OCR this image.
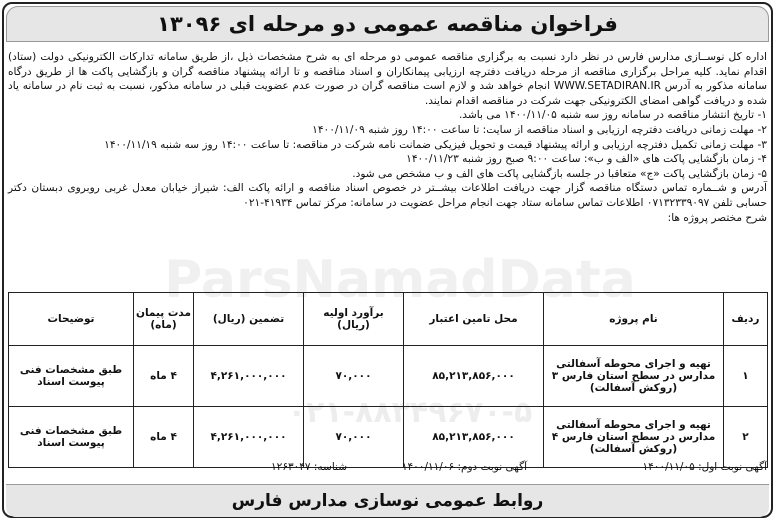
فراخوان مناقصه عمومی دو مرحله ای ۱۳۰۹۶
ParsNamadData
۰۲۱-۸۸۳۴۹۶۷۰-۵

اداره کل نوســازی مدارس فارس در نظر دارد نسبت به برگزاری مناقصه عمومی دو مرحله ای به شرح مشخصات ذیل ،از طریق سامانه تدارکات الکترونیکی دولت (ستاد) اقدام نماید. کلیه مراحل برگزاری مناقصه از مرحله دریافت دفترچه ارزیابی پیمانکاران و اسناد مناقصه و تا ارائه پیشنهاد مناقصه گران و بازگشایی پاکت ها از طریق درگاه سامانه مذکور به آدرس WWW.SETADIRAN.IR انجام خواهد شد و لازم است مناقصه گران در صورت عدم عضویت قبلی در سامانه مذکور، نسبت به ثبت نام در سامانه یاد شده و دریافت گواهی امضای الکترونیکی جهت شرکت در مناقصه اقدام نمایند.

۱- تاریخ انتشار مناقصه در سامانه روز سه شنبه ۱۴۰۰/۱۱/۰۵ می باشد.

۲- مهلت زمانی دریافت دفترچه ارزیابی و اسناد مناقصه از سایت: تا ساعت ۱۴:۰۰ روز شنبه ۱۴۰۰/۱۱/۰۹

۳- مهلت زمانی تکمیل دفترچه ارزیابی و ارائه پیشنهاد قیمت و تحویل فیزیکی ضمانت نامه شرکت در مناقصه: تا ساعت ۱۴:۰۰ روز سه شنبه ۱۴۰۰/۱۱/۱۹

۴- زمان بازگشایی پاکت های «الف و ب»: ساعت ۹:۰۰ صبح روز شنبه ۱۴۰۰/۱۱/۲۳

۵- زمان بازگشایی پاکت «ج» متعاقبا در جلسه بازگشایی پاکت های الف و ب مشخص می شود.

آدرس و شــماره تماس دستگاه مناقصه گزار جهت دریافت اطلاعات بیشــتر در خصوص اسناد مناقصه و ارائه پاکت الف: شیراز خیابان معدل غربی روبروی دبستان دکتر حسابی تلفن ۰۷۱۳۲۳۳۹۰۹۷ اطلاعات تماس سامانه ستاد جهت انجام مراحل عضویت در سامانه: مرکز تماس ۴۱۹۳۴-۰۲۱

شرح مختصر پروژه ها:

ردیف	نام پروژه	محل تامین اعتبار	برآورد اولیه (ریال)	تضمین (ریال)	مدت پیمان (ماه)	توضیحات
۱	تهیه و اجرای محوطه آسفالتی مدارس در سطح استان فارس ۳ (روکش آسفالت)	۸۵,۲۱۳,۸۵۶,۰۰۰	۷۰,۰۰۰	۴,۲۶۱,۰۰۰,۰۰۰	۴ ماه	طبق مشخصات فنی پیوست اسناد
۲	تهیه و اجرای محوطه آسفالتی مدارس در سطح استان فارس ۴ (روکش آسفالت)	۸۵,۲۱۳,۸۵۶,۰۰۰	۷۰,۰۰۰	۴,۲۶۱,۰۰۰,۰۰۰	۴ ماه	طبق مشخصات فنی پیوست اسناد
آگهی نوبت اول: ۱۴۰۰/۱۱/۰۵
آگهی نوبت دوم: ۱۴۰۰/۱۱/۰۶
شناسه: ۱۲۶۳۰۴۷
روابط عمومی نوسازی مدارس فارس
